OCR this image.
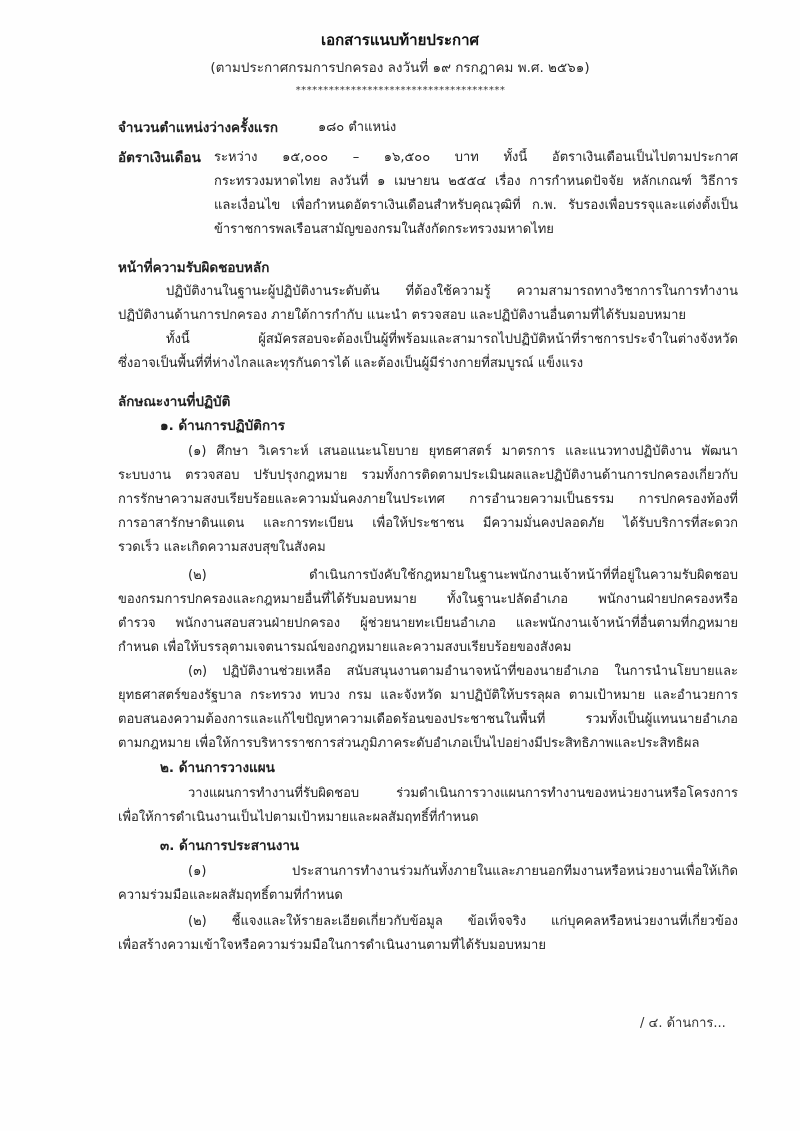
เอกสารแนบท้ายประกาศ
(ตามประกาศกรมการปกครอง ลงวันที่ ๑๙ กรกฎาคม พ.ศ. ๒๕๖๑)
**************************************
จำนวนตำแหน่งว่างครั้งแรก	๑๘๐ ตำแหน่ง
อัตราเงินเดือน ระหว่าง ๑๕,๐๐๐ – ๑๖,๕๐๐ บาท ทั้งนี้ อัตราเงินเดือนเป็นไปตามประกาศ
กระทรวงมหาดไทย ลงวันที่ ๑ เมษายน ๒๕๕๔ เรื่อง การกำหนดปัจจัย หลักเกณฑ์ วิธีการ
และเงื่อนไข เพื่อกำหนดอัตราเงินเดือนสำหรับคุณวุฒิที่ ก.พ. รับรองเพื่อบรรจุและแต่งตั้งเป็น
ข้าราชการพลเรือนสามัญของกรมในสังกัดกระทรวงมหาดไทย
หน้าที่ความรับผิดชอบหลัก
ปฏิบัติงานในฐานะผู้ปฏิบัติงานระดับต้น ที่ต้องใช้ความรู้ ความสามารถทางวิชาการในการทำงาน
ปฏิบัติงานด้านการปกครอง ภายใต้การกำกับ แนะนำ ตรวจสอบ และปฏิบัติงานอื่นตามที่ได้รับมอบหมาย
ทั้งนี้ ผู้สมัครสอบจะต้องเป็นผู้ที่พร้อมและสามารถไปปฏิบัติหน้าที่ราชการประจำในต่างจังหวัด
ซึ่งอาจเป็นพื้นที่ที่ห่างไกลและทุรกันดารได้ และต้องเป็นผู้มีร่างกายที่สมบูรณ์ แข็งแรง
ลักษณะงานที่ปฏิบัติ
๑. ด้านการปฏิบัติการ
(๑) ศึกษา วิเคราะห์ เสนอแนะนโยบาย ยุทธศาสตร์ มาตรการ และแนวทางปฏิบัติงาน พัฒนา
ระบบงาน ตรวจสอบ ปรับปรุงกฎหมาย รวมทั้งการติดตามประเมินผลและปฏิบัติงานด้านการปกครองเกี่ยวกับ
การรักษาความสงบเรียบร้อยและความมั่นคงภายในประเทศ การอำนวยความเป็นธรรม การปกครองท้องที่
การอาสารักษาดินแดน และการทะเบียน เพื่อให้ประชาชน มีความมั่นคงปลอดภัย ได้รับบริการที่สะดวก
รวดเร็ว และเกิดความสงบสุขในสังคม
(๒) ดำเนินการบังคับใช้กฎหมายในฐานะพนักงานเจ้าหน้าที่ที่อยู่ในความรับผิดชอบ
ของกรมการปกครองและกฎหมายอื่นที่ได้รับมอบหมาย ทั้งในฐานะปลัดอำเภอ พนักงานฝ่ายปกครองหรือ
ตำรวจ พนักงานสอบสวนฝ่ายปกครอง ผู้ช่วยนายทะเบียนอำเภอ และพนักงานเจ้าหน้าที่อื่นตามที่กฎหมาย
กำหนด เพื่อให้บรรลุตามเจตนารมณ์ของกฎหมายและความสงบเรียบร้อยของสังคม
(๓) ปฏิบัติงานช่วยเหลือ สนับสนุนงานตามอำนาจหน้าที่ของนายอำเภอ ในการนำนโยบายและ
ยุทธศาสตร์ของรัฐบาล กระทรวง ทบวง กรม และจังหวัด มาปฏิบัติให้บรรลุผล ตามเป้าหมาย และอำนวยการ
ตอบสนองความต้องการและแก้ไขปัญหาความเดือดร้อนของประชาชนในพื้นที่ รวมทั้งเป็นผู้แทนนายอำเภอ
ตามกฎหมาย เพื่อให้การบริหารราชการส่วนภูมิภาคระดับอำเภอเป็นไปอย่างมีประสิทธิภาพและประสิทธิผล
๒. ด้านการวางแผน
วางแผนการทำงานที่รับผิดชอบ ร่วมดำเนินการวางแผนการทำงานของหน่วยงานหรือโครงการ
เพื่อให้การดำเนินงานเป็นไปตามเป้าหมายและผลสัมฤทธิ์ที่กำหนด
๓. ด้านการประสานงาน
(๑) ประสานการทำงานร่วมกันทั้งภายในและภายนอกทีมงานหรือหน่วยงานเพื่อให้เกิด
ความร่วมมือและผลสัมฤทธิ์ตามที่กำหนด
(๒) ชี้แจงและให้รายละเอียดเกี่ยวกับข้อมูล ข้อเท็จจริง แก่บุคคลหรือหน่วยงานที่เกี่ยวข้อง
เพื่อสร้างความเข้าใจหรือความร่วมมือในการดำเนินงานตามที่ได้รับมอบหมาย
/ ๔. ด้านการ...
